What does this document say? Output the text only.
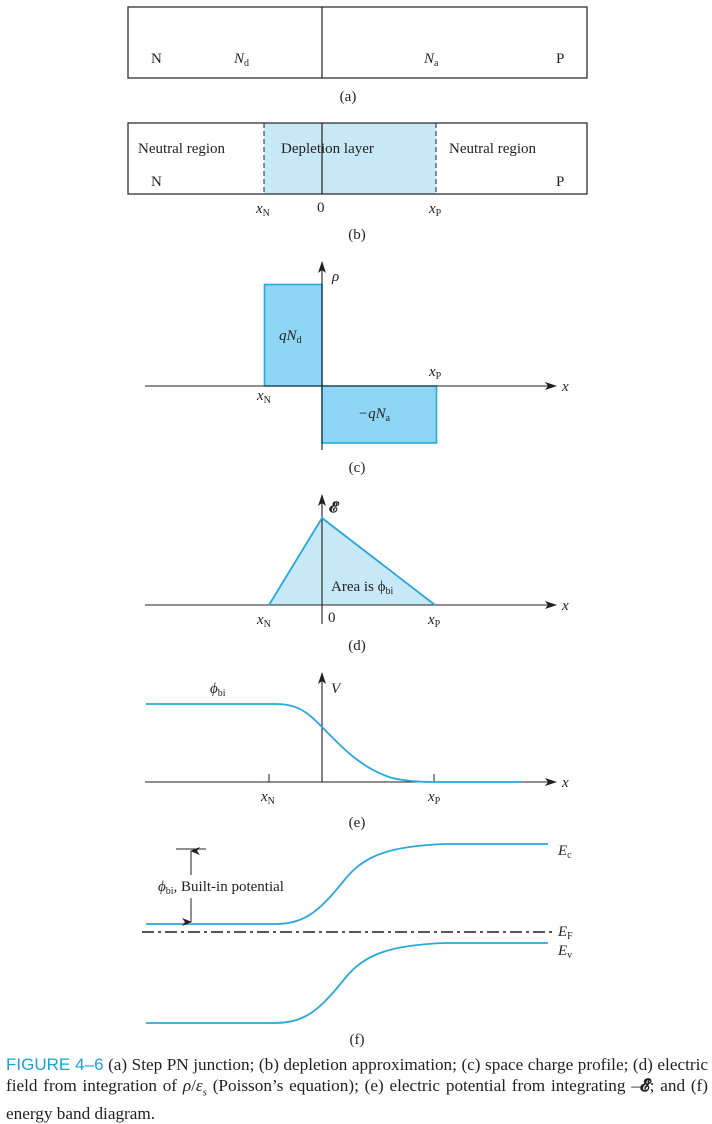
N	$N_d$	$N_a$	P
(a)
Neutral region	Depletion layer	Neutral region
N	P
$x_N$	0	$x_P$
(b)
ρ
x
$qN_d$
$-qN_a$
$x_N$
$x_P$
(c)
𝓔
x
Area is $\phi_{bi}$
$x_N$	0	$x_P$
(d)
V
x
$\phi_{bi}$
$x_N$	$x_P$
(e)
$\phi_{bi}$, Built-in potential
$E_c$
$E_F$
$E_v$
(f)
FIGURE 4–6 (a) Step PN junction; (b) depletion approximation; (c) space charge profile; (d) electric field from integration of $\rho/\varepsilon_s$ (Poisson’s equation); (e) electric potential from integrating –𝓔; and (f) energy band diagram.
